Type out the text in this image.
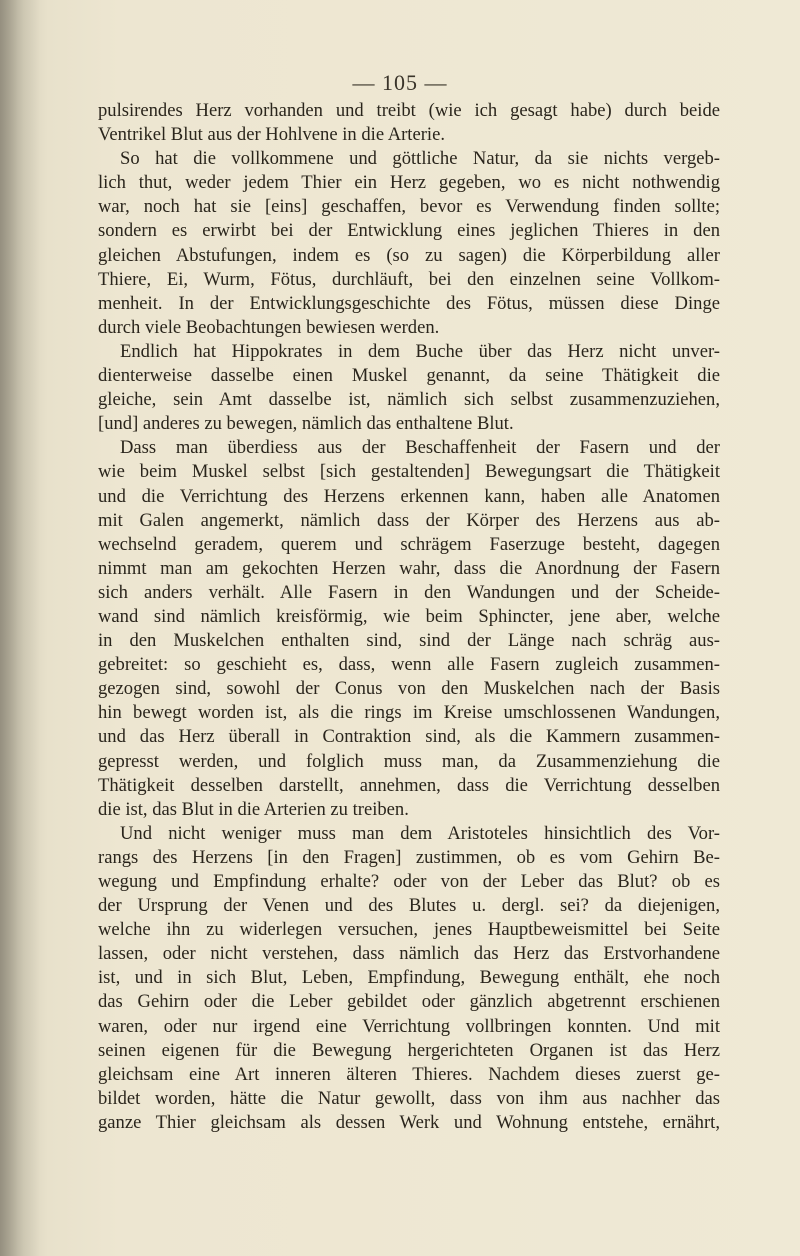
— 105 —
pulsirendes Herz vorhanden und treibt (wie ich gesagt habe) durch beide
Ventrikel Blut aus der Hohlvene in die Arterie.
So hat die vollkommene und göttliche Natur, da sie nichts vergeb-
lich thut, weder jedem Thier ein Herz gegeben, wo es nicht nothwendig
war, noch hat sie [eins] geschaffen, bevor es Verwendung finden sollte;
sondern es erwirbt bei der Entwicklung eines jeglichen Thieres in den
gleichen Abstufungen, indem es (so zu sagen) die Körperbildung aller
Thiere, Ei, Wurm, Fötus, durchläuft, bei den einzelnen seine Vollkom-
menheit. In der Entwicklungsgeschichte des Fötus, müssen diese Dinge
durch viele Beobachtungen bewiesen werden.
Endlich hat Hippokrates in dem Buche über das Herz nicht unver-
dienterweise dasselbe einen Muskel genannt, da seine Thätigkeit die
gleiche, sein Amt dasselbe ist, nämlich sich selbst zusammenzuziehen,
[und] anderes zu bewegen, nämlich das enthaltene Blut.
Dass man überdiess aus der Beschaffenheit der Fasern und der
wie beim Muskel selbst [sich gestaltenden] Bewegungsart die Thätigkeit
und die Verrichtung des Herzens erkennen kann, haben alle Anatomen
mit Galen angemerkt, nämlich dass der Körper des Herzens aus ab-
wechselnd geradem, querem und schrägem Faserzuge besteht, dagegen
nimmt man am gekochten Herzen wahr, dass die Anordnung der Fasern
sich anders verhält. Alle Fasern in den Wandungen und der Scheide-
wand sind nämlich kreisförmig, wie beim Sphincter, jene aber, welche
in den Muskelchen enthalten sind, sind der Länge nach schräg aus-
gebreitet: so geschieht es, dass, wenn alle Fasern zugleich zusammen-
gezogen sind, sowohl der Conus von den Muskelchen nach der Basis
hin bewegt worden ist, als die rings im Kreise umschlossenen Wandungen,
und das Herz überall in Contraktion sind, als die Kammern zusammen-
gepresst werden, und folglich muss man, da Zusammenziehung die
Thätigkeit desselben darstellt, annehmen, dass die Verrichtung desselben
die ist, das Blut in die Arterien zu treiben.
Und nicht weniger muss man dem Aristoteles hinsichtlich des Vor-
rangs des Herzens [in den Fragen] zustimmen, ob es vom Gehirn Be-
wegung und Empfindung erhalte? oder von der Leber das Blut? ob es
der Ursprung der Venen und des Blutes u. dergl. sei? da diejenigen,
welche ihn zu widerlegen versuchen, jenes Hauptbeweismittel bei Seite
lassen, oder nicht verstehen, dass nämlich das Herz das Erstvorhandene
ist, und in sich Blut, Leben, Empfindung, Bewegung enthält, ehe noch
das Gehirn oder die Leber gebildet oder gänzlich abgetrennt erschienen
waren, oder nur irgend eine Verrichtung vollbringen konnten. Und mit
seinen eigenen für die Bewegung hergerichteten Organen ist das Herz
gleichsam eine Art inneren älteren Thieres. Nachdem dieses zuerst ge-
bildet worden, hätte die Natur gewollt, dass von ihm aus nachher das
ganze Thier gleichsam als dessen Werk und Wohnung entstehe, ernährt,
